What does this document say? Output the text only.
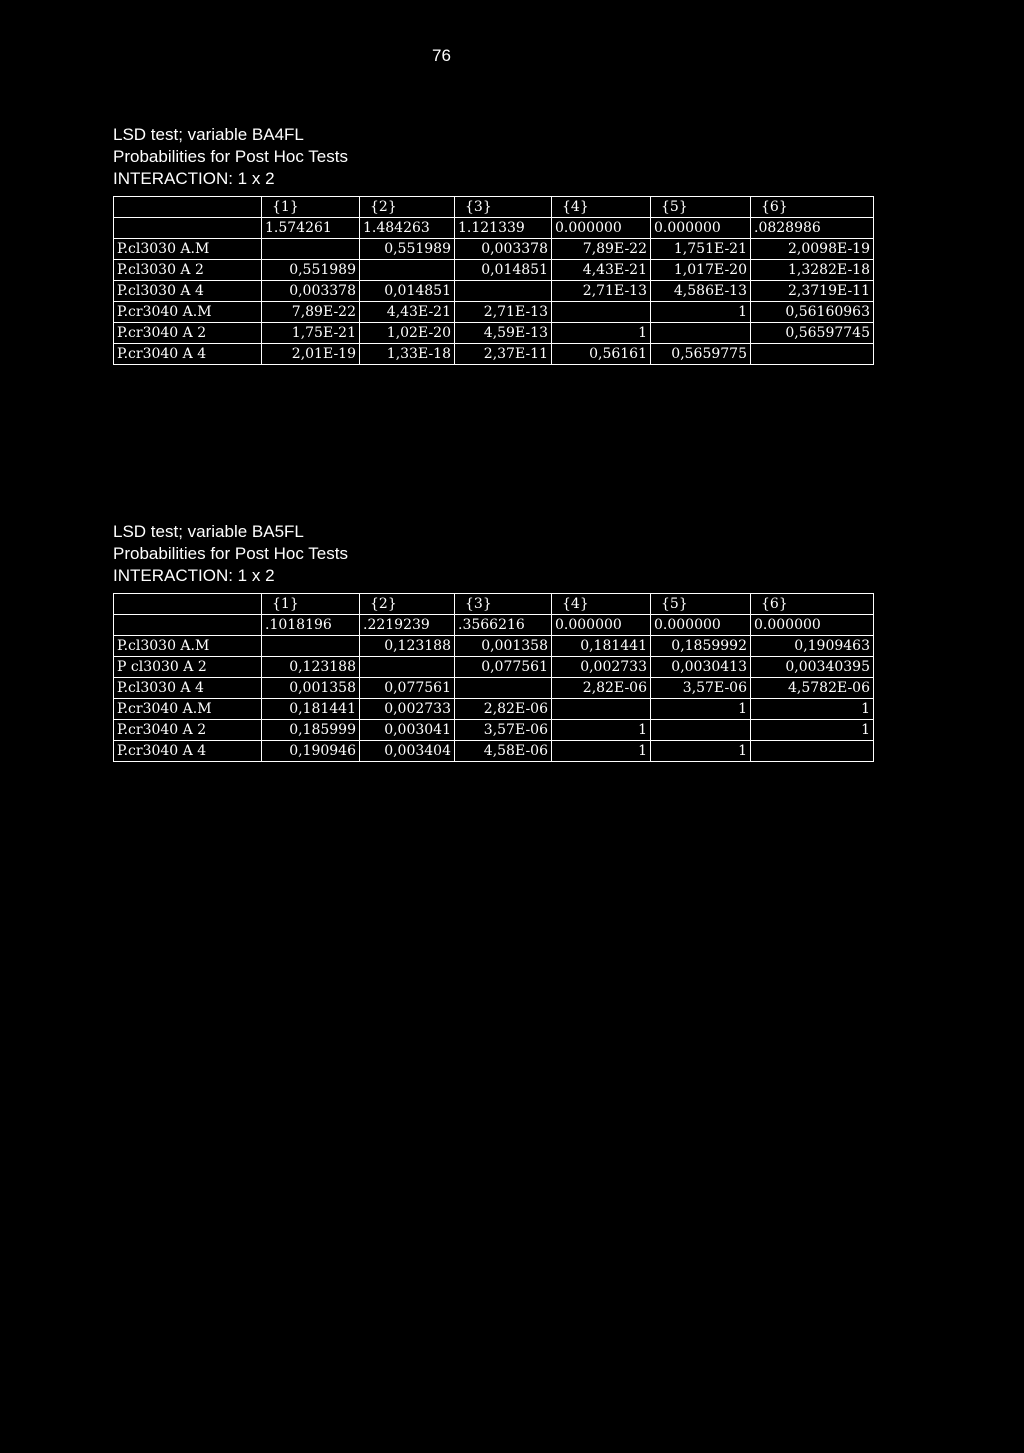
76
LSD test; variable BA4FL
Probabilities for Post Hoc Tests
INTERACTION: 1 x 2
	{1}	{2}	{3}	{4}	{5}	{6}
	1.574261	1.484263	1.121339	0.000000	0.000000	.0828986
P.cl3030 A.M		0,551989	0,003378	7,89E-22	1,751E-21	2,0098E-19
P.cl3030 A 2	0,551989		0,014851	4,43E-21	1,017E-20	1,3282E-18
P.cl3030 A 4	0,003378	0,014851		2,71E-13	4,586E-13	2,3719E-11
P.cr3040 A.M	7,89E-22	4,43E-21	2,71E-13		1	0,56160963
P.cr3040 A 2	1,75E-21	1,02E-20	4,59E-13	1		0,56597745
P.cr3040 A 4	2,01E-19	1,33E-18	2,37E-11	0,56161	0,5659775	
LSD test; variable BA5FL
Probabilities for Post Hoc Tests
INTERACTION: 1 x 2
	{1}	{2}	{3}	{4}	{5}	{6}
	.1018196	.2219239	.3566216	0.000000	0.000000	0.000000
P.cl3030 A.M		0,123188	0,001358	0,181441	0,1859992	0,1909463
P cl3030 A 2	0,123188		0,077561	0,002733	0,0030413	0,00340395
P.cl3030 A 4	0,001358	0,077561		2,82E-06	3,57E-06	4,5782E-06
P.cr3040 A.M	0,181441	0,002733	2,82E-06		1	1
P.cr3040 A 2	0,185999	0,003041	3,57E-06	1		1
P.cr3040 A 4	0,190946	0,003404	4,58E-06	1	1	
